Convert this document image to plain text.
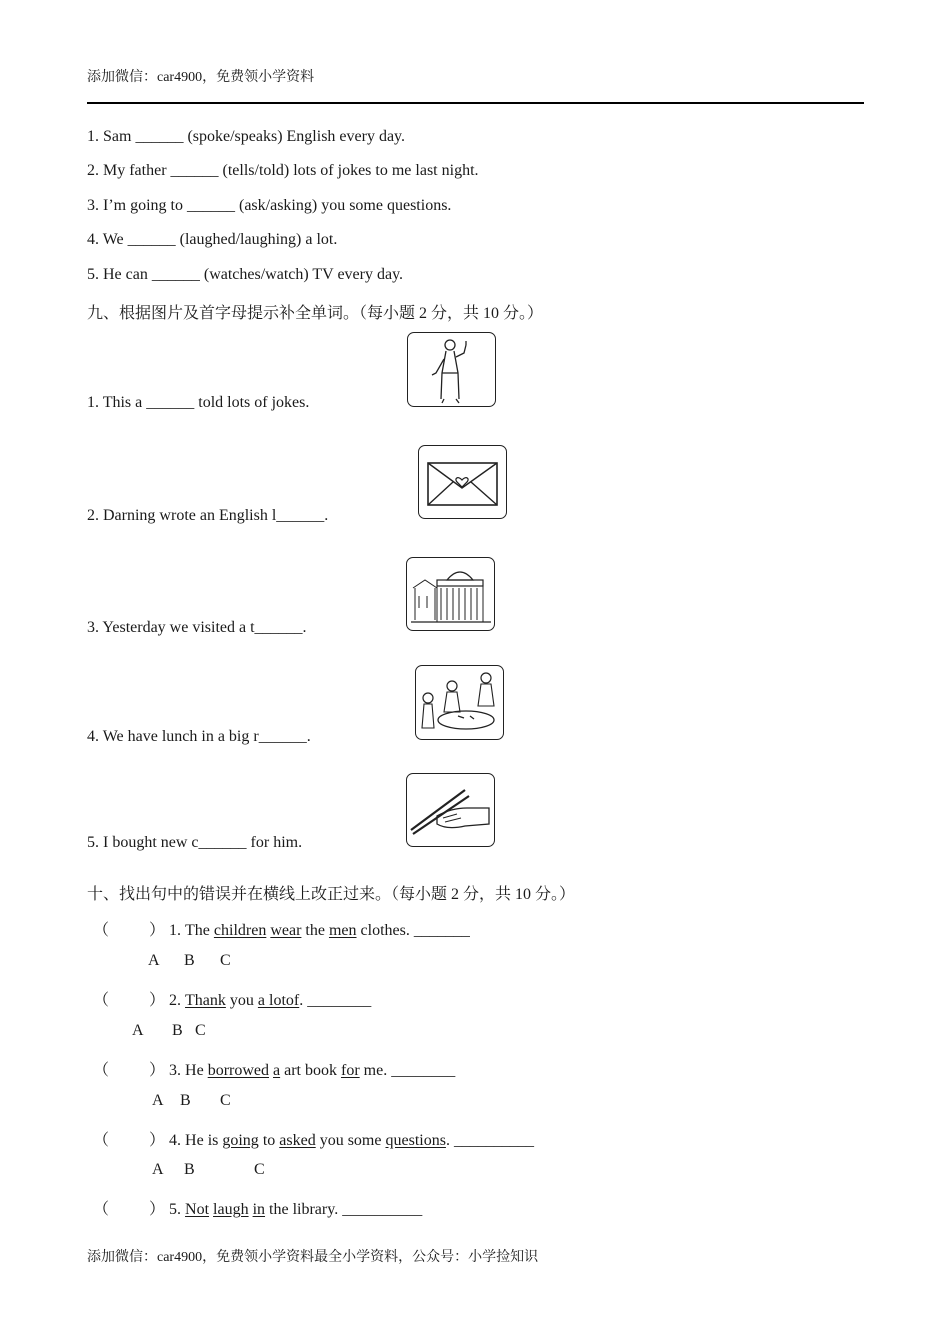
添加微信：car4900，免费领小学资料
1. Sam ______ (spoke/speaks) English every day.
2. My father ______ (tells/told) lots of jokes to me last night.
3. I’m going to ______ (ask/asking) you some questions.
4. We ______ (laughed/laughing) a lot.
5. He can ______ (watches/watch) TV every day.
九、根据图片及首字母提示补全单词。（每小题 2 分，共 10 分。）
1. This a ______ told lots of jokes.
2. Darning wrote an English l______.
3. Yesterday we visited a t______.
4. We have lunch in a big r______.
5. I bought new c______ for him.
十、找出句中的错误并在横线上改正过来。（每小题 2 分，共 10 分。）
（	） 1. The children wear the men clothes. _______
A B C
（	） 2. Thank you a lot of. ________
A B C
（	） 3. He borrowed a art book for me. ________
A B C
（	） 4. He is going to asked you some questions. __________
A B	C
（	） 5. Not laugh in the library. __________
添加微信：car4900，免费领小学资料最全小学资料，公众号：小学捡知识
